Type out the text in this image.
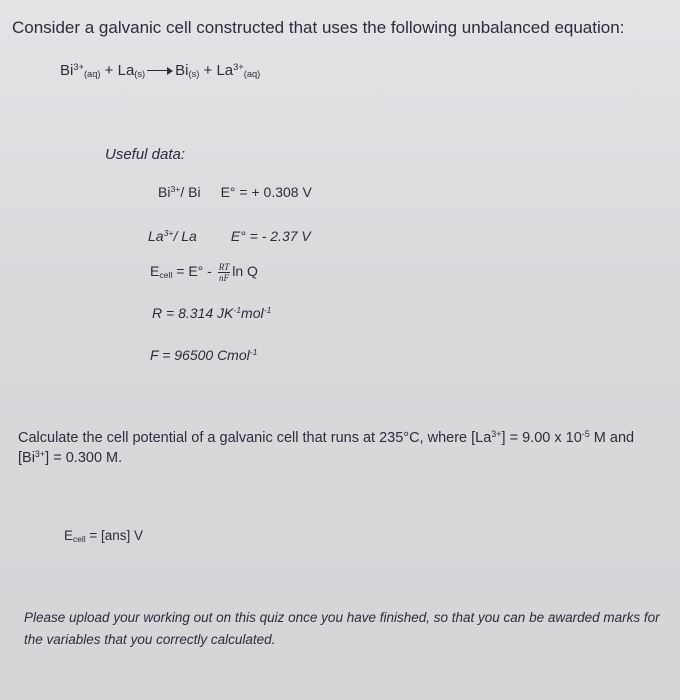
Consider a galvanic cell constructed that uses the following unbalanced equation:
$Bi^{3+}_{(aq)} + La_{(s)}$ $Bi_{(s)} + La^{3+}_{(aq)}$
Useful data:
$Bi^{3+}/$ Bi E° = + 0.308 V
$La^{3+}/$ La E° = - 2.37 V
$E_{cell} = E^\circ - \frac{RT}{nF}$ ln Q
R = 8.314 $JK^{-1}mol^{-1}$
F = 96500 Cmol$^{-1}$
Calculate the cell potential of a galvanic cell that runs at 235°C, where $[La^{3+}] = 9.00$ x $10^{-5}$ M and $[Bi^{3+}] = 0.300$ M.
$E_{cell} = [ans]$ V
Please upload your working out on this quiz once you have finished, so that you can be awarded marks for the variables that you correctly calculated.
